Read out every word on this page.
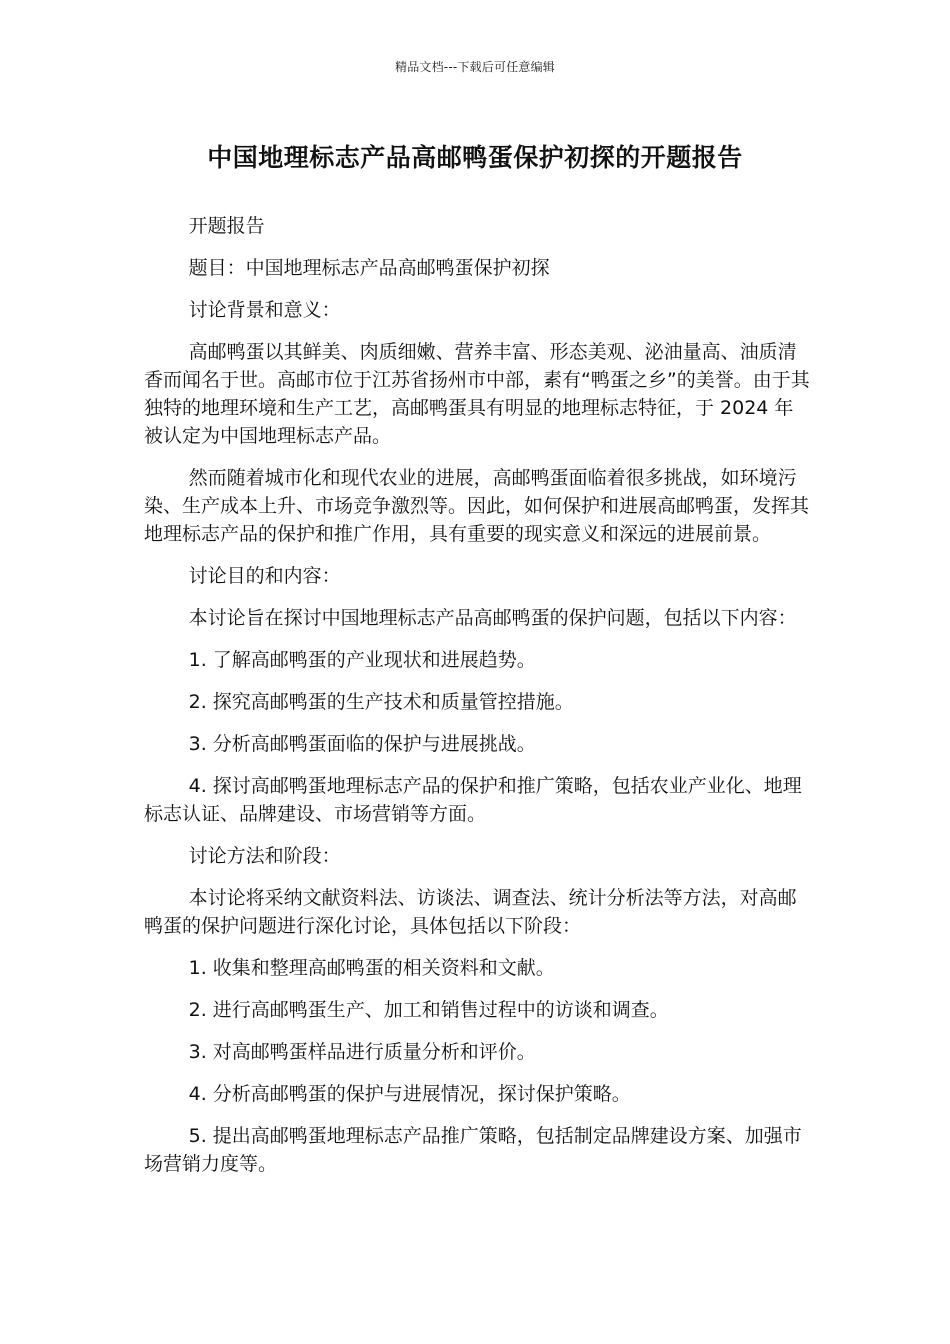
精品文档---下载后可任意编辑
中国地理标志产品高邮鸭蛋保护初探的开题报告

开题报告

题目：中国地理标志产品高邮鸭蛋保护初探

讨论背景和意义：

高邮鸭蛋以其鲜美、肉质细嫩、营养丰富、形态美观、泌油量高、油质清香而闻名于世。高邮市位于江苏省扬州市中部，素有“鸭蛋之乡”的美誉。由于其独特的地理环境和生产工艺，高邮鸭蛋具有明显的地理标志特征，于 2024 年被认定为中国地理标志产品。

然而随着城市化和现代农业的进展，高邮鸭蛋面临着很多挑战，如环境污染、生产成本上升、市场竞争激烈等。因此，如何保护和进展高邮鸭蛋，发挥其地理标志产品的保护和推广作用，具有重要的现实意义和深远的进展前景。

讨论目的和内容：

本讨论旨在探讨中国地理标志产品高邮鸭蛋的保护问题，包括以下内容：

1. 了解高邮鸭蛋的产业现状和进展趋势。

2. 探究高邮鸭蛋的生产技术和质量管控措施。

3. 分析高邮鸭蛋面临的保护与进展挑战。

4. 探讨高邮鸭蛋地理标志产品的保护和推广策略，包括农业产业化、地理标志认证、品牌建设、市场营销等方面。

讨论方法和阶段：

本讨论将采纳文献资料法、访谈法、调查法、统计分析法等方法，对高邮鸭蛋的保护问题进行深化讨论，具体包括以下阶段：

1. 收集和整理高邮鸭蛋的相关资料和文献。

2. 进行高邮鸭蛋生产、加工和销售过程中的访谈和调查。

3. 对高邮鸭蛋样品进行质量分析和评价。

4. 分析高邮鸭蛋的保护与进展情况，探讨保护策略。

5. 提出高邮鸭蛋地理标志产品推广策略，包括制定品牌建设方案、加强市场营销力度等。
